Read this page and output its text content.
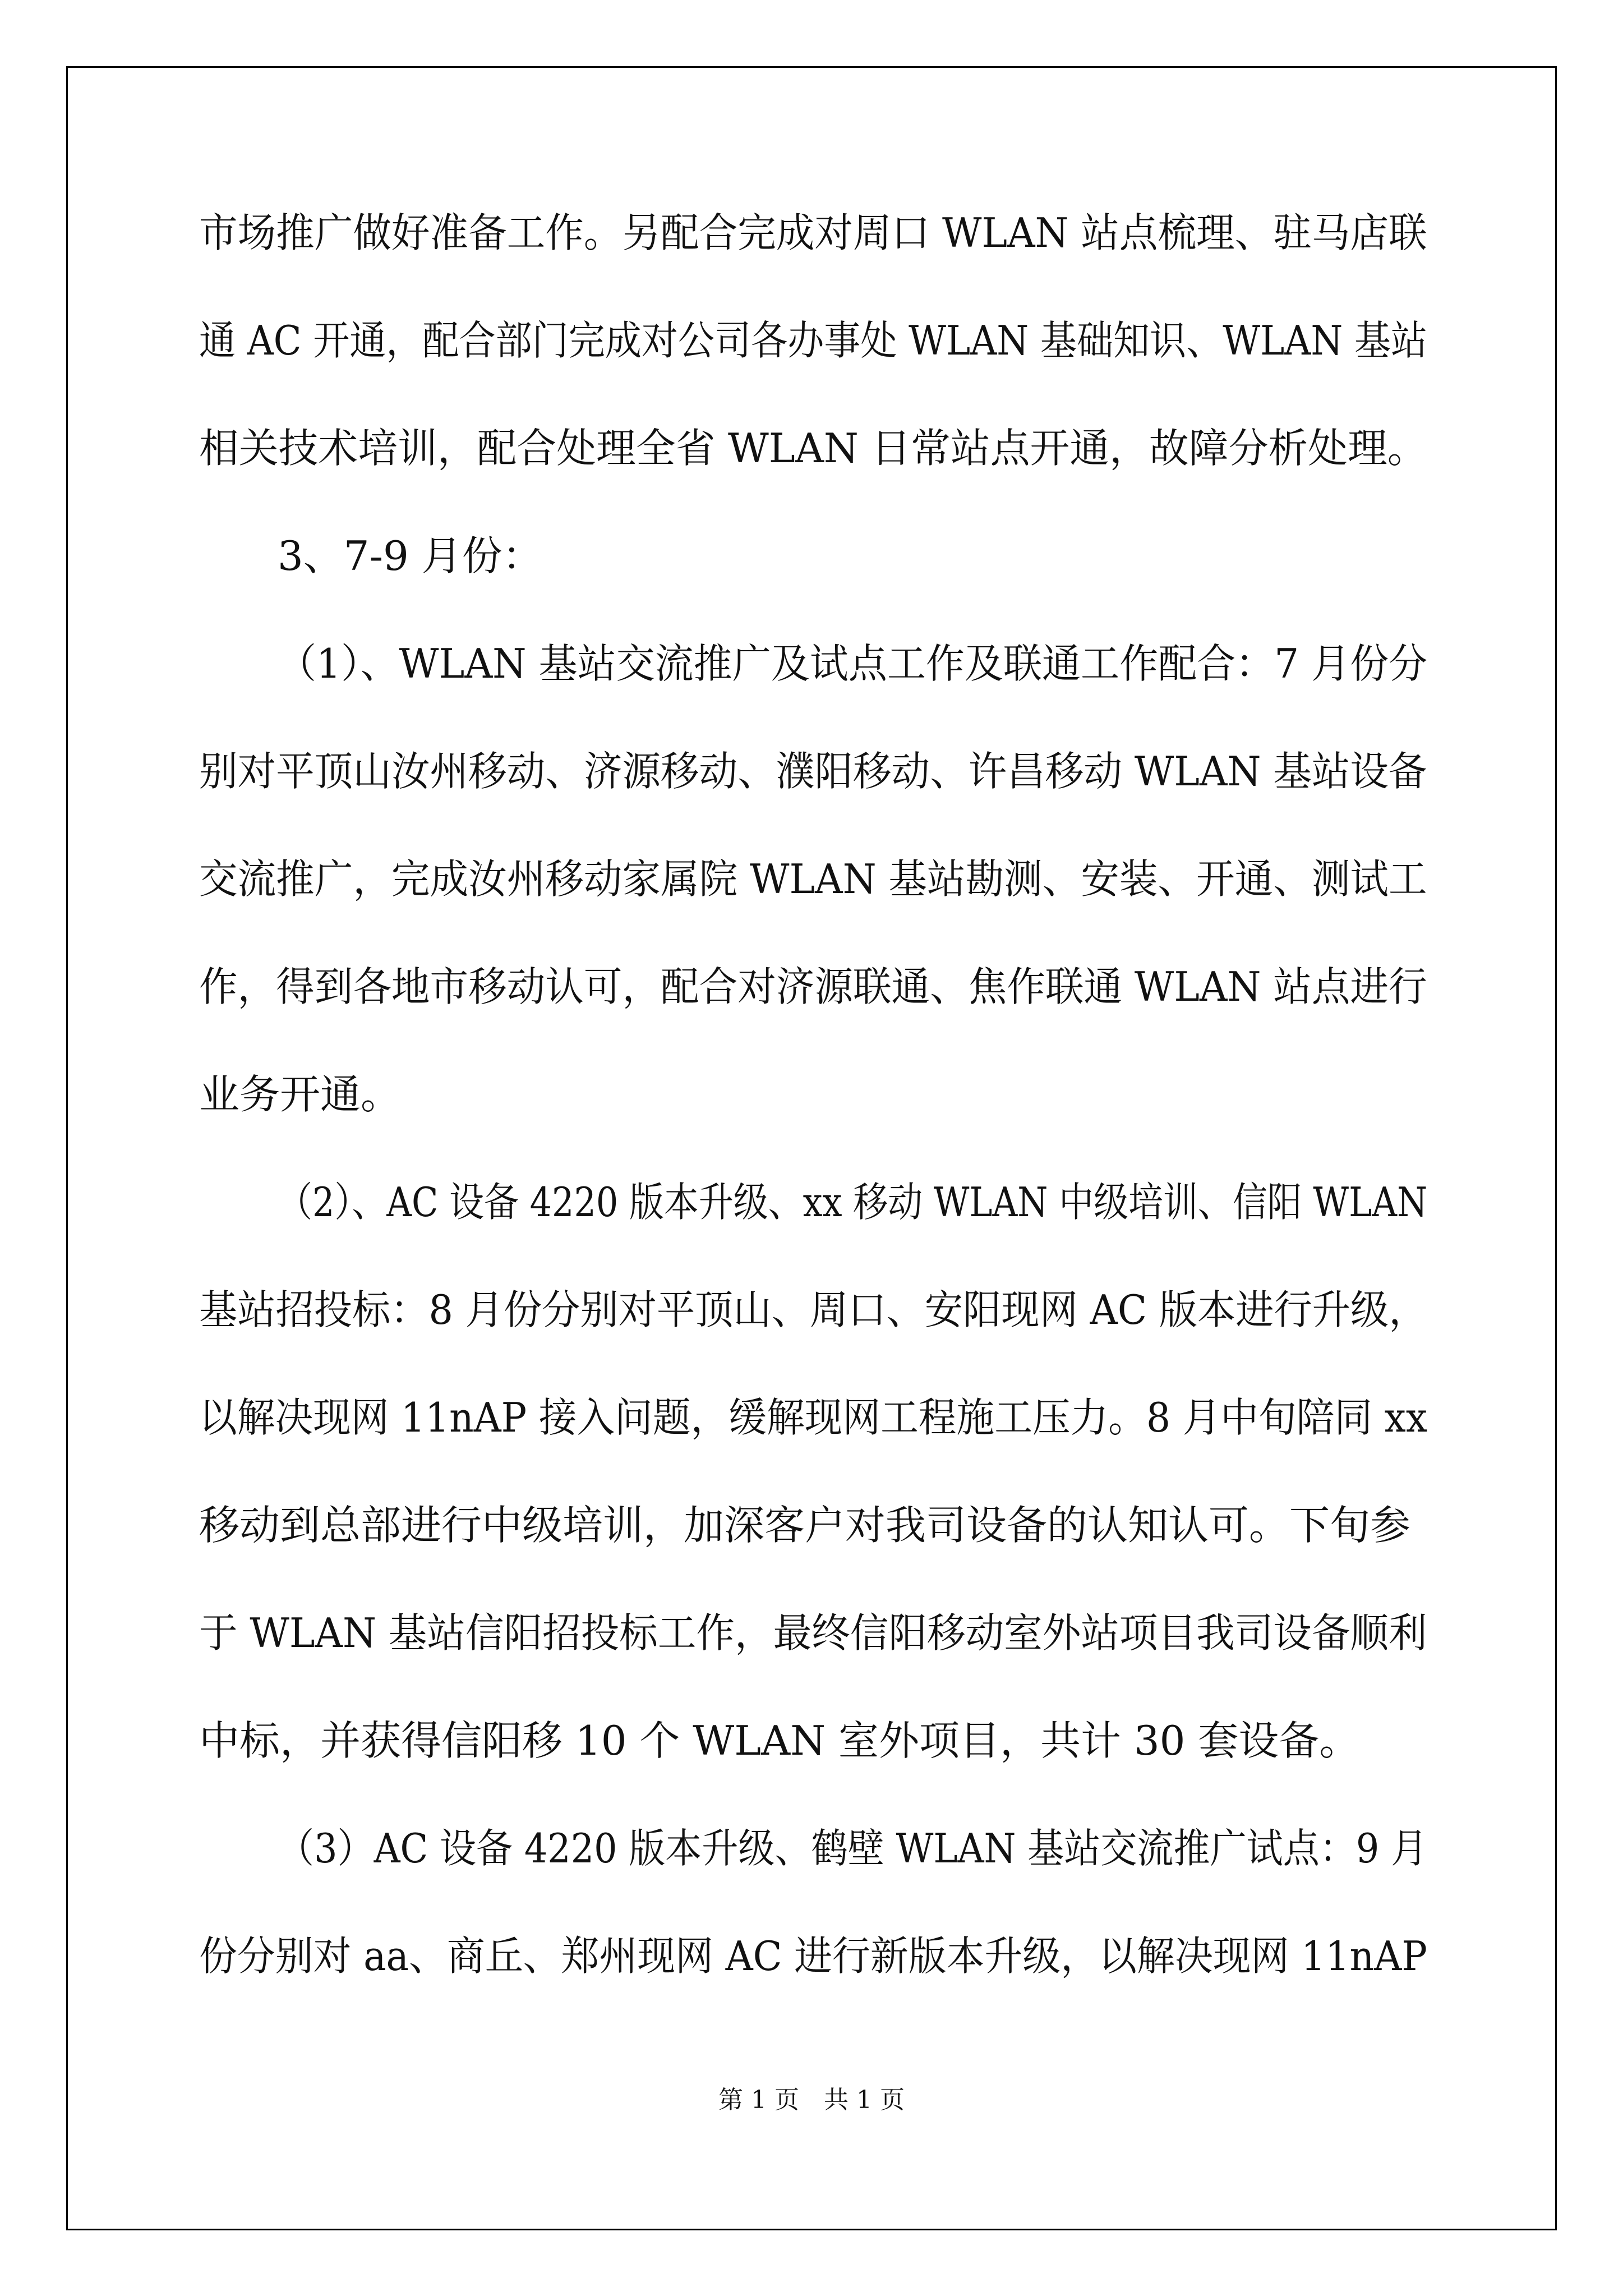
市场推广做好准备工作。另配合完成对周口 WLAN 站点梳理、驻马店联
通 AC 开通，配合部门完成对公司各办事处 WLAN 基础知识、WLAN 基站
相关技术培训，配合处理全省 WLAN 日常站点开通，故障分析处理。
3、7-9 月份：
（1）、WLAN 基站交流推广及试点工作及联通工作配合：7 月份分
别对平顶山汝州移动、济源移动、濮阳移动、许昌移动 WLAN 基站设备
交流推广，完成汝州移动家属院 WLAN 基站勘测、安装、开通、测试工
作，得到各地市移动认可，配合对济源联通、焦作联通 WLAN 站点进行
业务开通。
（2）、AC 设备 4220 版本升级、xx 移动 WLAN 中级培训、信阳 WLAN
基站招投标：8 月份分别对平顶山、周口、安阳现网 AC 版本进行升级，
以解决现网 11nAP 接入问题，缓解现网工程施工压力。8 月中旬陪同 xx
移动到总部进行中级培训，加深客户对我司设备的认知认可。下旬参
于 WLAN 基站信阳招投标工作，最终信阳移动室外站项目我司设备顺利
中标，并获得信阳移 10 个 WLAN 室外项目，共计 30 套设备。
（3）AC 设备 4220 版本升级、鹤壁 WLAN 基站交流推广试点：9 月
份分别对 aa、商丘、郑州现网 AC 进行新版本升级，以解决现网 11nAP
第 1 页　共 1 页
